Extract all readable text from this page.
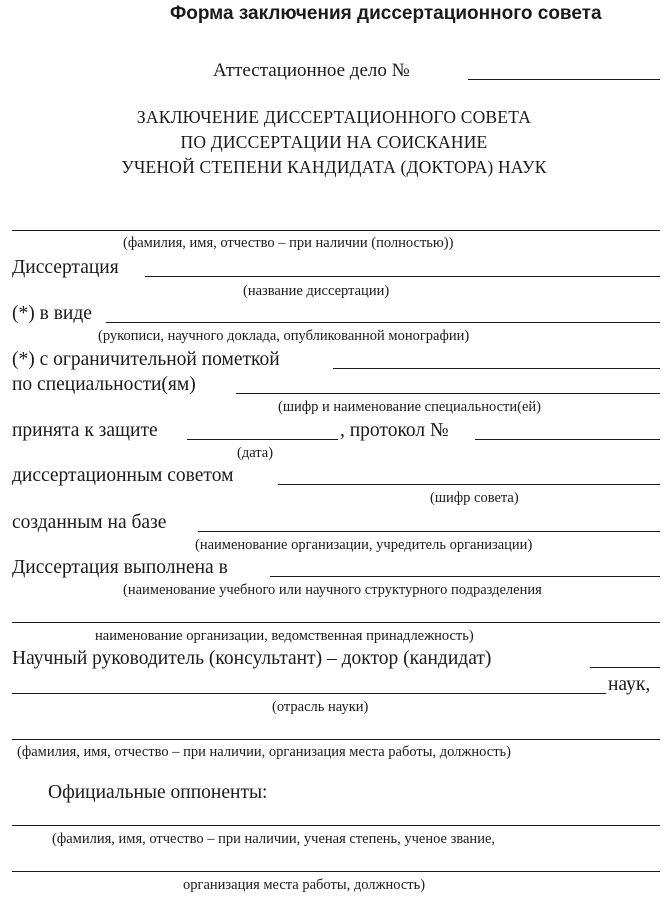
Форма заключения диссертационного совета
Аттестационное дело №
ЗАКЛЮЧЕНИЕ ДИССЕРТАЦИОННОГО СОВЕТА
ПО ДИССЕРТАЦИИ НА СОИСКАНИЕ
УЧЕНОЙ СТЕПЕНИ КАНДИДАТА (ДОКТОРА) НАУК
(фамилия, имя, отчество – при наличии (полностью))
Диссертация
(название диссертации)
(*) в виде
(рукописи, научного доклада, опубликованной монографии)
(*) с ограничительной пометкой
по специальности(ям)
(шифр и наименование специальности(ей)
принята к защите	, протокол №
(дата)
диссертационным советом
(шифр совета)
созданным на базе
(наименование организации, учредитель организации)
Диссертация выполнена в
(наименование учебного или научного структурного подразделения
наименование организации, ведомственная принадлежность)
Научный руководитель (консультант) – доктор (кандидат)
наук,
(отрасль науки)
(фамилия, имя, отчество – при наличии, организация места работы, должность)
Официальные оппоненты:
(фамилия, имя, отчество – при наличии, ученая степень, ученое звание,
организация места работы, должность)
